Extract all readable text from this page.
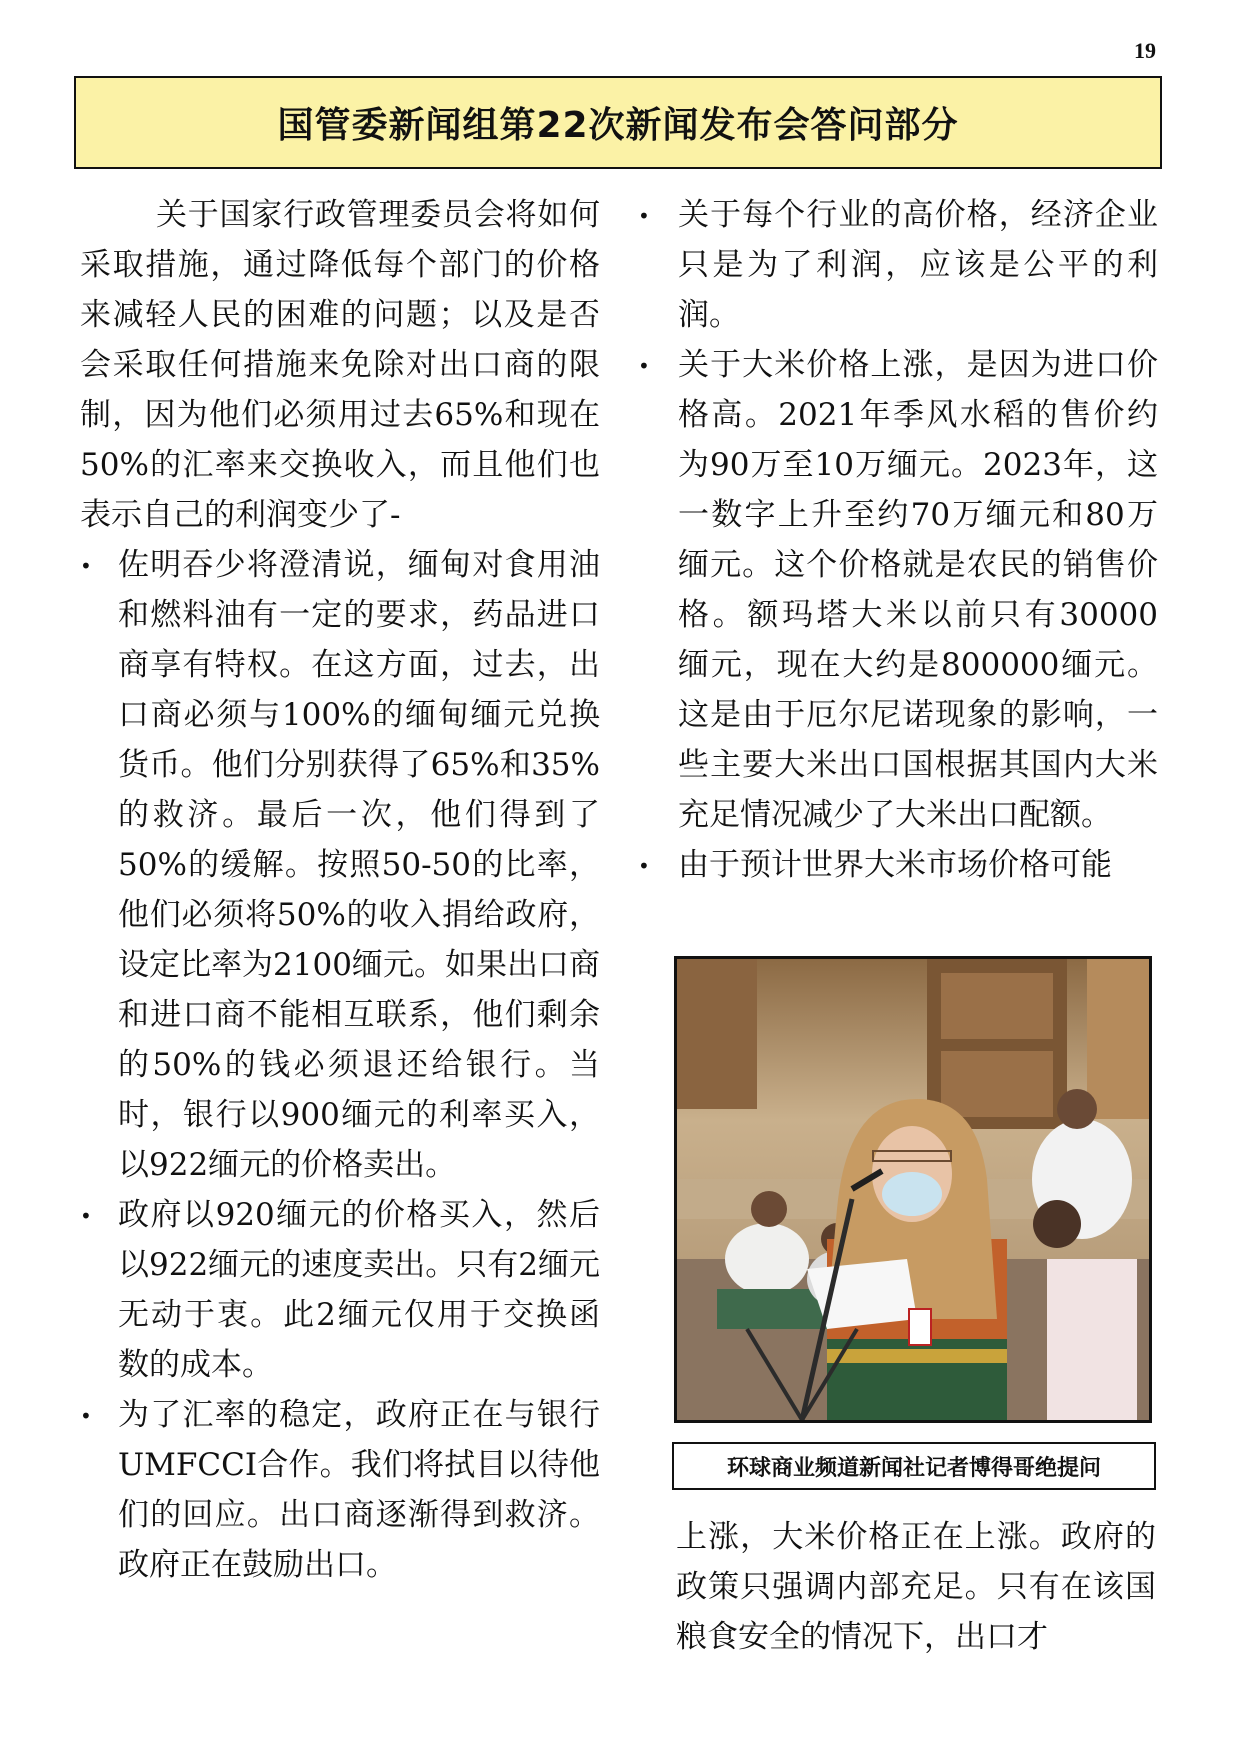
19
国管委新闻组第22次新闻发布会答问部分

关于国家行政管理委员会将如何采取措施，通过降低每个部门的价格来减轻人民的困难的问题；以及是否会采取任何措施来免除对出口商的限制，因为他们必须用过去65%和现在50%的汇率来交换收入，而且他们也表示自己的利润变少了-

• 佐明吞少将澄清说，缅甸对食用油和燃料油有一定的要求，药品进口商享有特权。在这方面，过去，出口商必须与100%的缅甸缅元兑换货币。他们分别获得了65%和35%的救济。最后一次，他们得到了50%的缓解。按照50-50的比率，他们必须将50%的收入捐给政府，设定比率为2100缅元。如果出口商和进口商不能相互联系，他们剩余的50%的钱必须退还给银行。当时，银行以900缅元的利率买入，以922缅元的价格卖出。
• 政府以920缅元的价格买入，然后以922缅元的速度卖出。只有2缅元无动于衷。此2缅元仅用于交换函数的成本。
• 为了汇率的稳定，政府正在与银行UMFCCI合作。我们将拭目以待他们的回应。出口商逐渐得到救济。政府正在鼓励出口。
• 关于每个行业的高价格，经济企业只是为了利润，应该是公平的利润。
• 关于大米价格上涨，是因为进口价格高。2021年季风水稻的售价约为90万至10万缅元。2023年，这一数字上升至约70万缅元和80万缅元。这个价格就是农民的销售价格。额玛塔大米以前只有30000 缅元，现在大约是800000缅元。这是由于厄尔尼诺现象的影响，一些主要大米出口国根据其国内大米充足情况减少了大米出口配额。
• 由于预计世界大米市场价格可能
环球商业频道新闻社记者博得哥绝提问

上涨，大米价格正在上涨。政府的政策只强调内部充足。只有在该国粮食安全的情况下，出口才
